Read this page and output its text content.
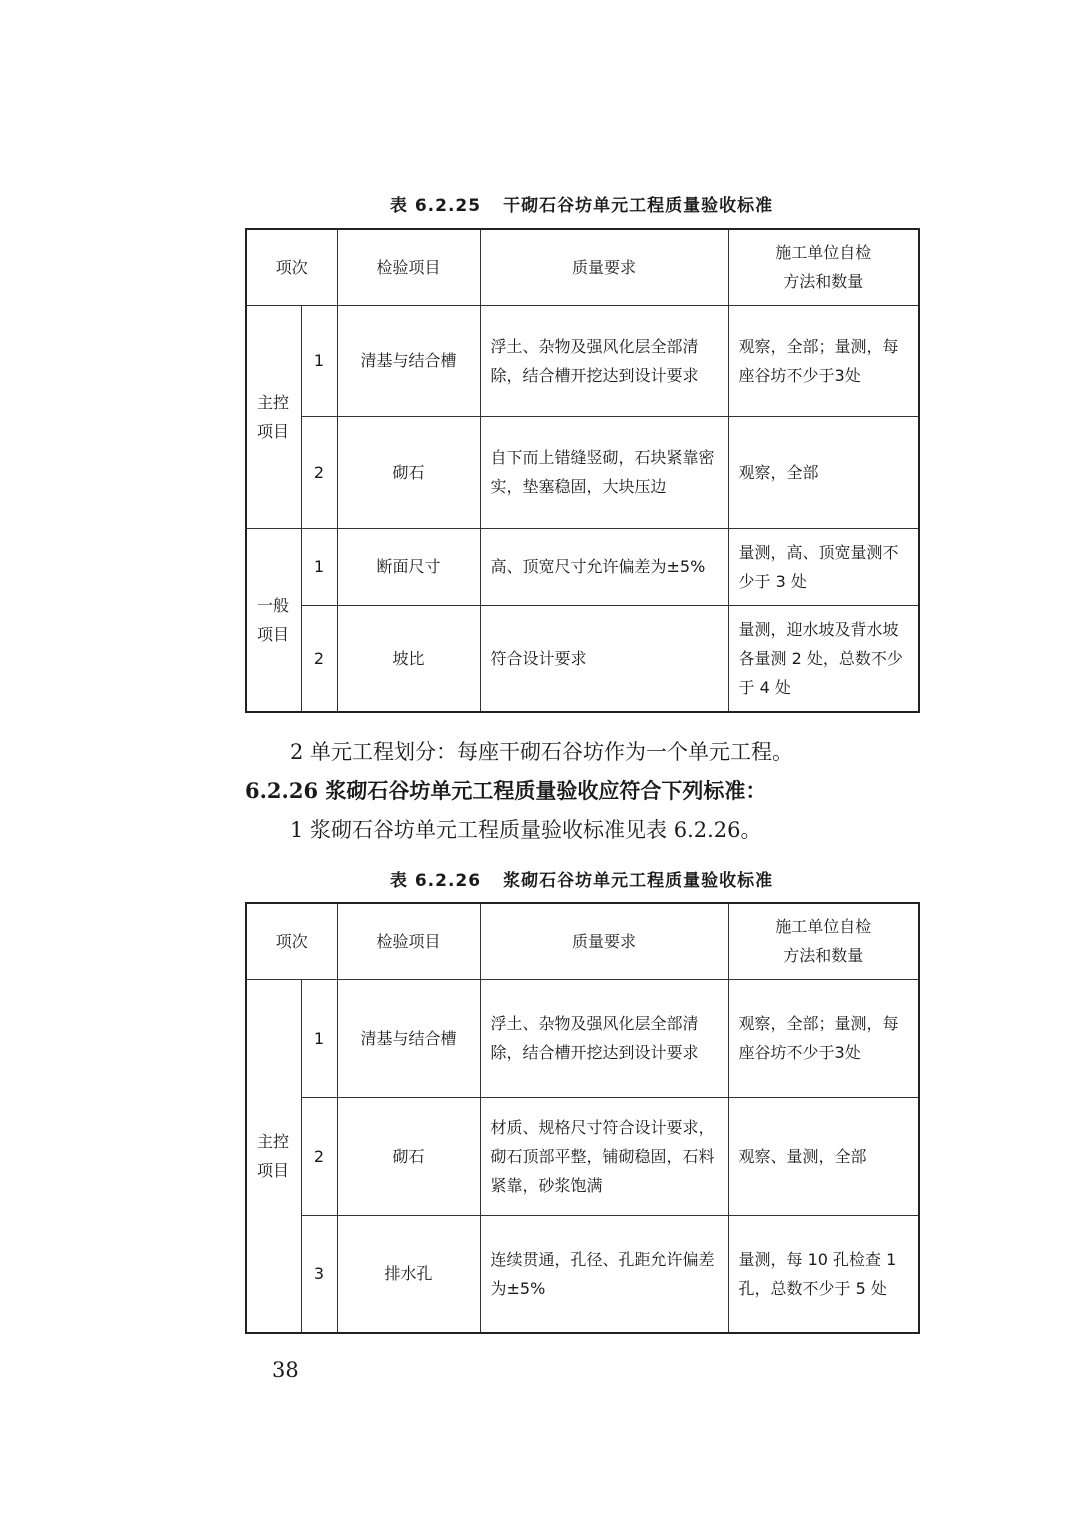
表 6.2.25 干砌石谷坊单元工程质量验收标准
项次		检验项目	质量要求	施工单位自检
方法和数量

主控
项目	1	清基与结合槽	浮土、杂物及强风化层全部清除，结合槽开挖达到设计要求	观察，全部；量测，每座谷坊不少于3处
	2	砌石	自下而上错缝竖砌，石块紧靠密实，垫塞稳固，大块压边	观察，全部

一般
项目	1	断面尺寸	高、顶宽尺寸允许偏差为±5%	量测，高、顶宽量测不少于 3 处
	2	坡比	符合设计要求	量测，迎水坡及背水坡各量测 2 处，总数不少于 4 处
2 单元工程划分：每座干砌石谷坊作为一个单元工程。
6.2.26 浆砌石谷坊单元工程质量验收应符合下列标准：
1 浆砌石谷坊单元工程质量验收标准见表 6.2.26。
表 6.2.26 浆砌石谷坊单元工程质量验收标准
项次		检验项目	质量要求	施工单位自检
方法和数量

主控
项目	1	清基与结合槽	浮土、杂物及强风化层全部清除，结合槽开挖达到设计要求	观察，全部；量测，每座谷坊不少于3处
	2	砌石	材质、规格尺寸符合设计要求，砌石顶部平整，铺砌稳固，石料紧靠，砂浆饱满	观察、量测，全部
	3	排水孔	连续贯通，孔径、孔距允许偏差为±5%	量测，每 10 孔检查 1 孔，总数不少于 5 处
38
